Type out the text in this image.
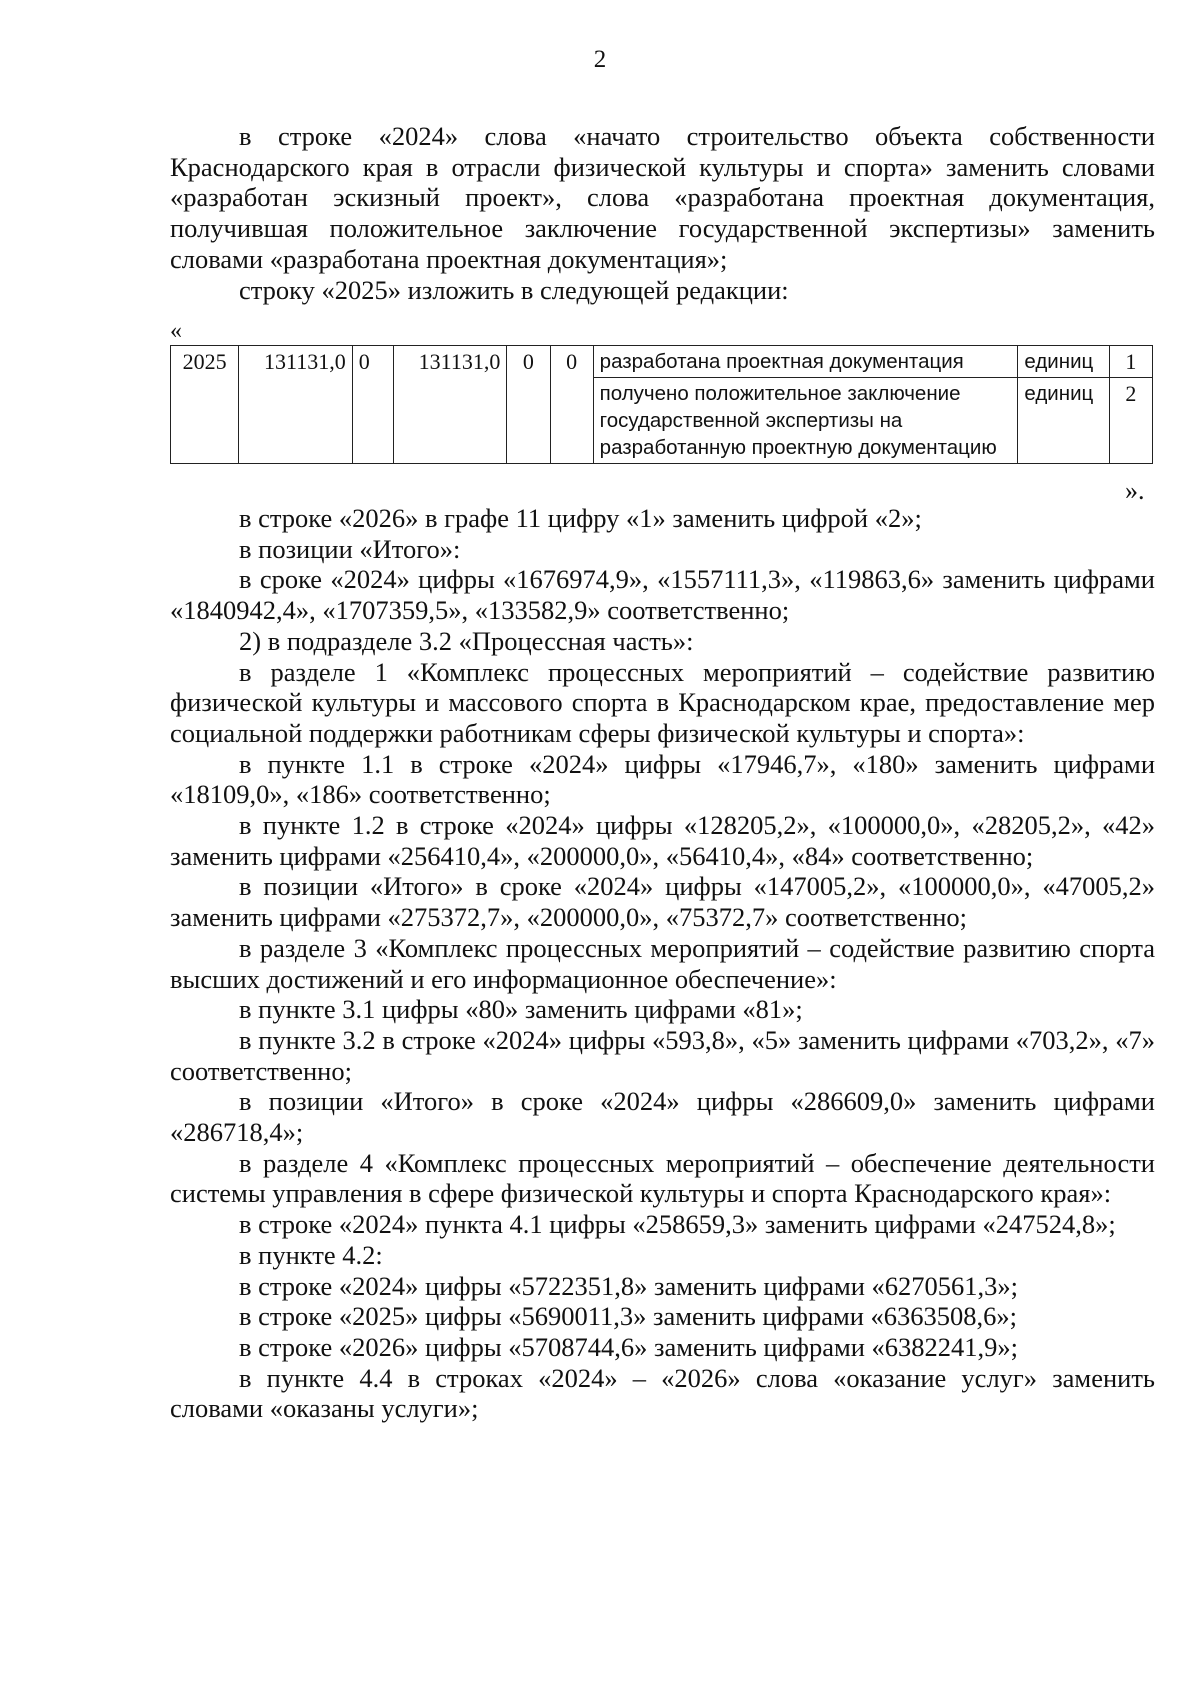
2

в строке «2024» слова «начато строительство объекта собственности Краснодарского края в отрасли физической культуры и спорта» заменить словами «разработан эскизный проект», слова «разработана проектная документация, получившая положительное заключение государственной экспертизы» заменить словами «разработана проектная документация»;

строку «2025» изложить в следующей редакции:

«
2025	131131,0	0	131131,0	0	0	разработана проектная документация	единиц	1
						получено положительное заключение государственной экспертизы на разработанную проектную документацию	единиц	2
».

в строке «2026» в графе 11 цифру «1» заменить цифрой «2»;

в позиции «Итого»:

в сроке «2024» цифры «1676974,9», «1557111,3», «119863,6» заменить цифрами «1840942,4», «1707359,5», «133582,9» соответственно;

2) в подразделе 3.2 «Процессная часть»:

в разделе 1 «Комплекс процессных мероприятий – содействие развитию физической культуры и массового спорта в Краснодарском крае, предоставление мер социальной поддержки работникам сферы физической культуры и спорта»:

в пункте 1.1 в строке «2024» цифры «17946,7», «180» заменить цифрами «18109,0», «186» соответственно;

в пункте 1.2 в строке «2024» цифры «128205,2», «100000,0», «28205,2», «42» заменить цифрами «256410,4», «200000,0», «56410,4», «84» соответственно;

в позиции «Итого» в сроке «2024» цифры «147005,2», «100000,0», «47005,2» заменить цифрами «275372,7», «200000,0», «75372,7» соответственно;

в разделе 3 «Комплекс процессных мероприятий – содействие развитию спорта высших достижений и его информационное обеспечение»:

в пункте 3.1 цифры «80» заменить цифрами «81»;

в пункте 3.2 в строке «2024» цифры «593,8», «5» заменить цифрами «703,2», «7» соответственно;

в позиции «Итого» в сроке «2024» цифры «286609,0» заменить цифрами «286718,4»;

в разделе 4 «Комплекс процессных мероприятий – обеспечение деятельности системы управления в сфере физической культуры и спорта Краснодарского края»:

в строке «2024» пункта 4.1 цифры «258659,3» заменить цифрами «247524,8»;

в пункте 4.2:

в строке «2024» цифры «5722351,8» заменить цифрами «6270561,3»;

в строке «2025» цифры «5690011,3» заменить цифрами «6363508,6»;

в строке «2026» цифры «5708744,6» заменить цифрами «6382241,9»;

в пункте 4.4 в строках «2024» – «2026» слова «оказание услуг» заменить словами «оказаны услуги»;
